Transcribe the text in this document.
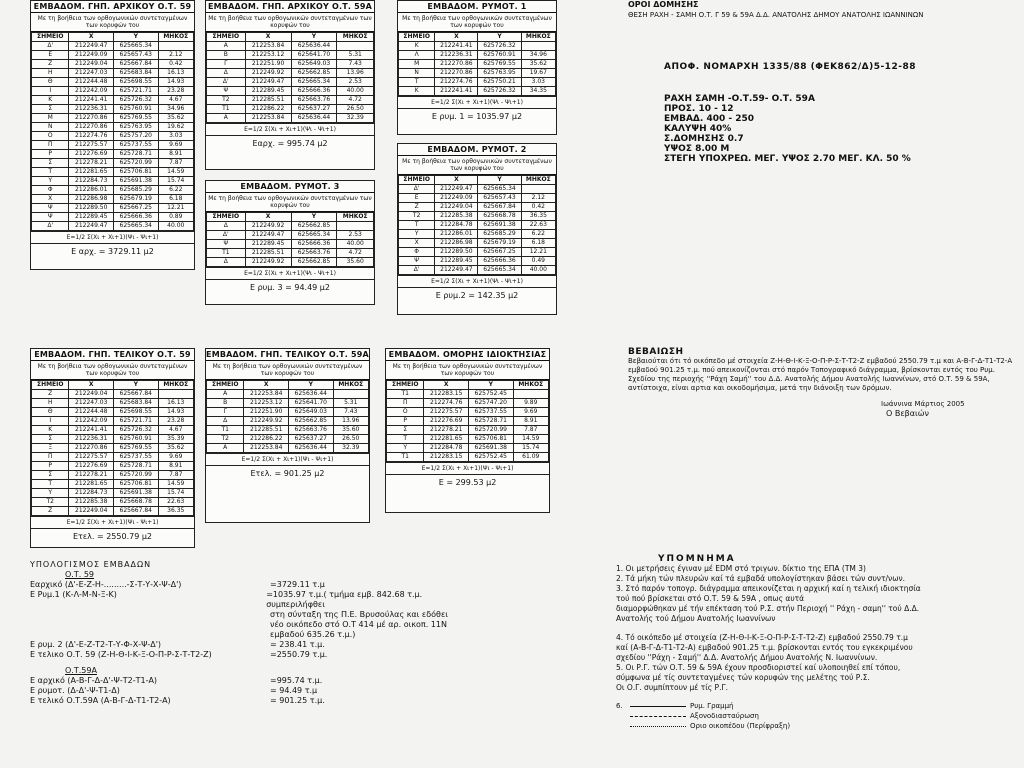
ΕΜΒΑΔΟΜ. ΓΗΠ. ΑΡΧΙΚΟΥ Ο.Τ. 59
Με τη βοήθεια των ορθογωνικών συντεταγμένων των κορυφών του
ΣΗΜΕΙΟ	Χ	Υ	ΜΗΚΟΣ
Δ'	212249.47	625665.34	
Ε	212249.09	625657.43	2.12
Ζ	212249.04	625667.84	0.42
Η	212247.03	625683.84	16.13
Θ	212244.48	625698.55	14.93
Ι	212242.09	625721.71	23.28
Κ	212241.41	625726.32	4.67
Σ	212236.31	625760.91	34.96
Μ	212270.86	625769.55	35.62
Ν	212270.86	625763.95	19.62
Ο	212274.76	625757.20	3.03
Π	212275.57	625737.55	9.69
Ρ	212276.69	625728.71	8.91
Σ	212278.21	625720.99	7.87
Τ	212281.65	625706.81	14.59
Υ	212284.73	625691.38	15.74
Φ	212286.01	625685.29	6.22
Χ	212286.98	625679.19	6.18
Ψ	212289.50	625667.25	12.21
Ψ	212289.45	625666.36	0.89
Δ'	212249.47	625665.34	40.00
Ε=1/2 Σ(Χι + Χι+1)(Ψι - Ψι+1)
Ε αρχ. = 3729.11 μ2
ΕΜΒΑΔΟΜ. ΓΗΠ. ΑΡΧΙΚΟΥ Ο.Τ. 59Α
Με τη βοήθεια των ορθογωνικών συντεταγμένων των κορυφών του
ΣΗΜΕΙΟ	Χ	Υ	ΜΗΚΟΣ
Α	212253.84	625636.44	
Β	212253.12	625641.70	5.31
Γ	212251.90	625649.03	7.43
Δ	212249.92	625662.85	13.96
Δ'	212249.47	625665.34	2.53
Ψ	212289.45	625666.36	40.00
Τ2	212285.51	625663.76	4.72
Τ1	212286.22	625637.27	26.50
Α	212253.84	625636.44	32.39
Ε=1/2 Σ(Χι + Χι+1)(Ψι - Ψι+1)
Εαρχ. = 995.74 μ2
ΕΜΒΑΔΟΜ. ΡΥΜΟΤ. 1
Με τη βοήθεια των ορθογωνικών συντεταγμένων των κορυφών του
ΣΗΜΕΙΟ	Χ	Υ	ΜΗΚΟΣ
Κ	212241.41	625726.32	
Λ	212236.31	625760.91	34.96
Μ	212270.86	625769.55	35.62
Ν	212270.86	625763.95	19.67
Τ	212274.76	625750.21	3.03
Κ	212241.41	625726.32	34.35
Ε=1/2 Σ(Χι + Χι+1)(Ψι - Ψι+1)
Ε ρυμ. 1 = 1035.97 μ2
ΕΜΒΑΔΟΜ. ΡΥΜΟΤ. 3
Με τη βοήθεια των ορθογωνικών συντεταγμένων των κορυφών του
ΣΗΜΕΙΟ	Χ	Υ	ΜΗΚΟΣ
Δ	212249.92	625662.85	
Δ'	212249.47	625665.34	2.53
Ψ	212289.45	625666.36	40.00
Τ1	212285.51	625663.76	4.72
Δ	212249.92	625662.85	35.60
Ε=1/2 Σ(Χι + Χι+1)(Ψι - Ψι+1)
Ε ρυμ. 3 = 94.49 μ2
ΕΜΒΑΔΟΜ. ΡΥΜΟΤ. 2
Με τη βοήθεια των ορθογωνικών συντεταγμένων των κορυφών του
ΣΗΜΕΙΟ	Χ	Υ	ΜΗΚΟΣ
Δ'	212249.47	625665.34	
Ε	212249.09	625657.43	2.12
Ζ	212249.04	625667.84	0.42
Τ2	212285.38	625668.78	36.35
Τ	212284.78	625691.38	22.63
Υ	212286.01	625685.29	6.22
Χ	212286.98	625679.19	6.18
Φ	212289.50	625667.25	12.21
Ψ	212289.45	625666.36	0.49
Δ'	212249.47	625665.34	40.00
Ε=1/2 Σ(Χι + Χι+1)(Ψι - Ψι+1)
Ε ρυμ.2 = 142.35 μ2
ΕΜΒΑΔΟΜ. ΓΗΠ. ΤΕΛΙΚΟΥ Ο.Τ. 59
Με τη βοήθεια των ορθογωνικών συντεταγμένων των κορυφών του
ΣΗΜΕΙΟ	Χ	Υ	ΜΗΚΟΣ
Ζ	212249.04	625667.84	
Η	212247.03	625683.84	16.13
Θ	212244.48	625698.55	14.93
Ι	212242.09	625721.71	23.28
Κ	212241.41	625726.32	4.67
Σ	212236.31	625760.91	35.39
Ξ	212270.86	625769.55	35.62
Π	212275.57	625737.55	9.69
Ρ	212276.69	625728.71	8.91
Σ	212278.21	625720.99	7.87
Τ	212281.65	625706.81	14.59
Υ	212284.73	625691.38	15.74
Τ2	212285.38	625668.78	22.63
Ζ	212249.04	625667.84	36.35
Ε=1/2 Σ(Χι + Χι+1)(Ψι - Ψι+1)
Ετελ. = 2550.79 μ2
ΕΜΒΑΔΟΜ. ΓΗΠ. ΤΕΛΙΚΟΥ Ο.Τ. 59Α
Με τη βοήθεια των ορθογωνικών συντεταγμένων των κορυφών του
ΣΗΜΕΙΟ	Χ	Υ	ΜΗΚΟΣ
Α	212253.84	625636.44	
Β	212253.12	625641.70	5.31
Γ	212251.90	625649.03	7.43
Δ	212249.92	625662.85	13.96
Τ1	212285.51	625663.76	35.60
Τ2	212286.22	625637.27	26.50
Α	212253.84	625636.44	32.39
Ε=1/2 Σ(Χι + Χι+1)(Ψι - Ψι+1)
Ετελ. = 901.25 μ2
ΕΜΒΑΔΟΜ. ΟΜΟΡΗΣ ΙΔΙΟΚΤΗΣΙΑΣ
Με τη βοήθεια των ορθογωνικών συντεταγμένων των κορυφών του
ΣΗΜΕΙΟ	Χ	Υ	ΜΗΚΟΣ
Τ1	212283.15	625752.45	
Π	212274.76	625747.20	9.89
Ο	212275.57	625737.55	9.69
Ρ	212276.69	625728.71	8.91
Σ	212278.21	625720.99	7.87
Τ	212281.65	625706.81	14.59
Υ	212284.78	625691.38	15.74
Τ1	212283.15	625752.45	61.09
Ε=1/2 Σ(Χι + Χι+1)(Ψι - Ψι+1)
Ε = 299.53 μ2
ΥΠΟΛΟΓΙΣΜΟΣ ΕΜΒΑΔΩΝ
Ο.Τ. 59
Εαρχικό (Δ'-Ε-Ζ-Η-.........-Σ-Τ-Υ-Χ-Ψ-Δ')	=3729.11 τ.μ
Ε Ρυμ.1 (Κ-Λ-Μ-Ν-Ξ-Κ)	=1035.97 τ.μ.( τμήμα εμβ. 842.68 τ.μ. συμπεριλήφθει
στη σύνταξη της Π.Ε. Βρυσούλας και εδόθει
νέο οικόπεδο στό Ο.Τ 414 μέ αρ. οικοπ. 11Ν
εμβαδού 635.26 τ.μ.)
Ε ρυμ. 2 (Δ'-Ε-Ζ-Τ2-Τ-Υ-Φ-Χ-Ψ-Δ')	= 238.41 τ.μ.
Ε τελικο Ο.Τ. 59 (Ζ-Η-Θ-Ι-Κ-Ξ-Ο-Π-Ρ-Σ-Τ-Τ2-Ζ)	=2550.79 τ.μ.
Ο.Τ.59Α
Ε αρχικό (Α-Β-Γ-Δ-Δ'-Ψ-Τ2-Τ1-Α)	=995.74 τ.μ.
Ε ρυμοτ. (Δ-Δ'-Ψ-Τ1-Δ)	= 94.49 τ.μ
Ε τελικό Ο.Τ.59Α (Α-Β-Γ-Δ-Τ1-Τ2-Α)	= 901.25 τ.μ.
ΟΡΟΙ ΔΟΜΗΣΗΣ
ΘΕΣΗ ΡΑΧΗ - ΣΑΜΗ Ο.Τ. Γ 59 & 59Α Δ.Δ. ΑΝΑΤΟΛΗΣ ΔΗΜΟΥ ΑΝΑΤΟΛΗΣ ΙΩΑΝΝΙΝΩΝ
ΑΠΟΦ. ΝΟΜΑΡΧΗ 1335/88 (ΦΕΚ862/Δ)5-12-88
ΡΑΧΗ ΣΑΜΗ -Ο.Τ.59- Ο.Τ. 59Α
ΠΡΟΣ. 10 - 12
ΕΜΒΑΔ. 400 - 250
ΚΑΛΥΨΗ 40%
Σ.ΔΟΜΗΣΗΣ 0.7
ΥΨΟΣ 8.00 Μ
ΣΤΕΓΗ ΥΠΟΧΡΕΩ. ΜΕΓ. ΥΨΟΣ 2.70 ΜΕΓ. ΚΛ. 50 %
ΒΕΒΑΙΩΣΗ
Βεβαιούται ότι τό οικόπεδο μέ στοιχεία Ζ-Η-Θ-Ι-Κ-Ξ-Ο-Π-Ρ-Σ-Τ-Τ2-Ζ εμβαδού 2550.79 τ.μ και Α-Β-Γ-Δ-Τ1-Τ2-Α εμβαδού 901.25 τ.μ. πού απεικονίζονται στό παρόν Τοπογραφικό διάγραμμα, βρίσκονται εντός του Ρυμ. Σχεδίου της περιοχής ''Ράχη Σαμή'' του Δ.Δ. Ανατολής Δήμου Ανατολής Ιωαννίνων, στό Ο.Τ. 59 & 59Α, αντίστοιχα, είναι αρτια και οικοδομήσιμα, μετά την διάνοιξη των δρόμων.
Ιωάννινα Μάρτιος 2005
Ο Βεβαιών
ΥΠΟΜΝΗΜΑ
1. Οι μετρήσεις έγιναν μέ EDM στό τριγων. δίκτιο της ΕΠΑ (ΤΜ 3)
2. Τά μήκη τών πλευρών καί τά εμβαδά υπολογίστηκαν βάσει τών συντ/νων.
3. Στό παρόν τοπογρ. διάγραμμα απεικονίζεται η αρχική καί η τελική ιδιοκτησία
τού πού βρίσκεται στό Ο.Τ. 59 & 59Α , οπως αυτά
διαμορφώθηκαν μέ τήν επέκταση τού Ρ.Σ. στήν Περιοχή '' Ράχη - σαμη'' τού Δ.Δ.
Ανατολής τού Δήμου Ανατολής Ιωαννίνων
4. Τό οικόπεδο μέ στοιχεία (Ζ-Η-Θ-Ι-Κ-Ξ-Ο-Π-Ρ-Σ-Τ-Τ2-Ζ) εμβαδού 2550.79 τ.μ
καί (Α-Β-Γ-Δ-Τ1-Τ2-Α) εμβαδού 901.25 τ.μ. βρίσκονται εντός του εγκεκριμένου
σχεδίου ''Ράχη - Σαμή'' Δ.Δ. Ανατολής Δήμου Ανατολής Ν. Ιωαννίνων.
5. Οι Ρ.Γ. τών Ο.Τ. 59 & 59Α έχουν προσδιοριστεί καί υλοποιηθεί επί τόπου,
σύμφωνα μέ τίς συντεταγμένες τών κορυφών της μελέτης τού Ρ.Σ.
Οι Ο.Γ. συμπίπτουν μέ τίς Ρ.Γ.
6.	Ρυμ. Γραμμή
Αξονοδιασταύρωση
Οριο οικοπέδου (Περίφραξη)
